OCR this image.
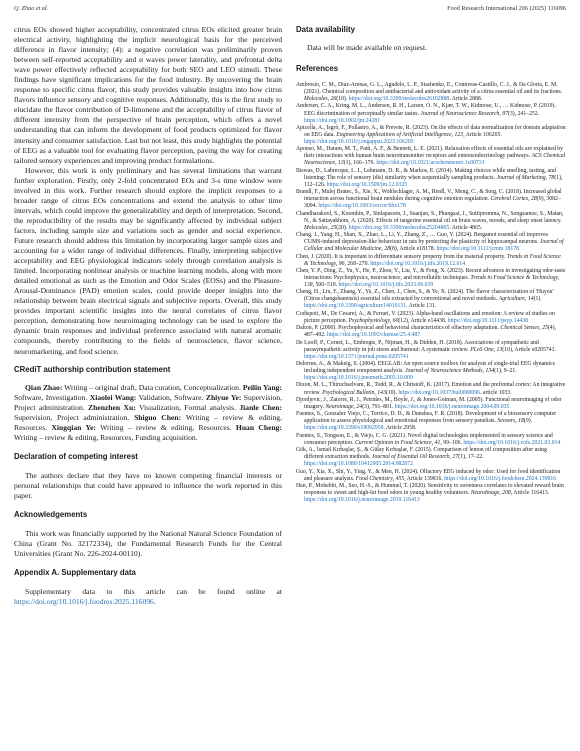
Q. Zhao et al.	Food Research International 206 (2025) 116096

citrus EOs showed higher acceptability, concentrated citrus EOs elicited greater brain electrical activity, highlighting the implicit neurological basis for the perceived difference in flavor intensity; (4): a negative correlation was preliminarily proven between self-reported acceptability and α waves power laterality, and prefrontal delta wave power effectively reflected acceptability for both SEO and LEO stimuli. These findings have significant implications for the food industry. By uncovering the brain response to specific citrus flavor, this study provides valuable insights into how citrus flavors influence sensory and cognitive responses. Additionally, this is the first study to elucidate the flavor contribution of D-limonene and the acceptability of citrus flavor of different intensity from the perspective of brain perception, which offers a novel understanding that can inform the development of food products optimized for flavor intensity and consumer satisfaction. Last but not least, this study highlights the potential of EEG as a valuable tool for evaluating flavor perception, paving the way for creating tailored sensory experiences and improving product formulations.

However, this work is only preliminary and has several limitations that warrant further exploration. Firstly, only 2-fold concentrated EOs and 3-s time window were involved in this work. Further research should explore the implicit responses to a broader range of citrus EOs concentrations and extend the analysis to other time intervals, which could improve the generalizability and depth of interpretation. Second, the reproducibility of the results may be significantly affected by individual subject factors, including sample size and variations such as gender and social experience. Future research should address this limitation by incorporating larger sample sizes and accounting for a wider range of individual differences. Finally, interpreting subjective acceptability and EEG physiological indicators solely through correlation analysis is limited. Incorporating nonlinear analysis or machine learning models, along with more detailed emotional as such as the Emotion and Odor Scales (EOSs) and the Pleasure-Arousal-Dominance (PAD) emotion scales, could provide deeper insights into the relationship between brain electrical signals and subjective reports. Overall, this study provides important scientific insights into the neural correlates of citrus flavor perception, demonstrating how neuroimaging technology can be used to explore the dynamic brain responses and individual preference associated with natural aromatic compounds, thereby contributing to the fields of neuroscience, flavor science, neuromarketing, and food science.

CRediT authorship contribution statement

Qian Zhao: Writing – original draft, Data curation, Conceptualization. Peilin Yang: Software, Investigation. Xiaolei Wang: Validation, Software. Zhiyue Ye: Supervision, Project administration. Zhenzhen Xu: Visualization, Formal analysis. Jianle Chen: Supervision, Project administration. Shiguo Chen: Writing – review & editing, Resources. Xingqian Ye: Writing – review & editing, Resources. Huan Cheng: Writing – review & editing, Resources, Funding acquisition.

Declaration of competing interest

The authors declare that they have no known competing financial interests or personal relationships that could have appeared to influence the work reported in this paper.

Acknowledgements

This work was financially supported by the National Natural Science Foundation of China (Grant No. 32172334), the Fundamental Research Funds for the Central Universities (Grant No. 226-2024-00110).

Appendix A. Supplementary data

Supplementary data to this article can be found online at https://doi.org/10.1016/j.foodres.2025.116096.

Data availability

Data will be made available on request.

References
Ambrosio, C. M., Diaz-Arenas, G. L., Agudelo, L. P., Stashenko, E., Contreras-Castillo, C. J., & Da Gloria, E. M. (2021). Chemical composition and antibacterial and antioxidant activity of a citrus essential oil and its fractions. Molecules, 26(10). https://doi.org/10.3390/molecules26102888. Article 2888.
Andersen, C. A., Kring, M. L., Andersen, R. H., Larsen, O. N., Kjær, T. W., Kidmose, U., … Kidmose, P. (2019). EEG discrimination of perceptually similar tastes. Journal of Neuroscience Research, 97(3), 241–252. https://doi.org/10.1002/jnr.24281
Apicella, A., Isgrò, F., Pollastro, A., & Prevete, R. (2023). On the effects of data normalization for domain adaptation on EEG data. Engineering Applications of Artificial Intelligence, 123, Article 106205. https://doi.org/10.1016/j.engappai.2023.106205
Aponso, M., Haram, M. T., Patti, A. F., & Bennett, L. E. (2021). Relaxation effects of essential oils are explained by their interactions with human brain neurotransmitter receptors and enteroendocrinology pathways. ACS Chemical Neuroscience, 13(1), 166–176. https://doi.org/10.1021/acschemneuro.1c00731
Biswas, D., Labrecque, L. I., Lehmann, D. R., & Markos, E. (2014). Making choices while smelling, tasting, and listening: The role of sensory (dis) similarity when sequentially sampling products. Journal of Marketing, 78(1), 112–126. https://doi.org/10.1509/jm.12.0325
Brandl, F., Mulej Bratec, S., Xie, X., Wohlschlager, A. M., Riedl, V., Meng, C., & Sorg, C. (2018). Increased global interaction across functional brain modules during cognitive emotion regulation. Cerebral Cortex, 28(9), 3082–3094. https://doi.org/10.1093/cercor/bhx178
Chandharakool, S., Koomhin, P., Sinlapasorn, J., Suanjan, S., Phungsai, J., Suttipromma, N., Songsamoe, S., Matan, N., & Sattayakhom, A. (2020). Effects of tangerine essential oil on brain waves, moods, and sleep onset latency. Molecules, 25(20). https://doi.org/10.3390/molecules25204865. Article 4865.
Chang, J., Yang, H., Shan, X., Zhao, L., Li, Y., Zhang, Z., … Guo, Y. (2024). Bergamot essential oil improves CUMS-induced depression-like behaviour in rats by protecting the plasticity of hippocampal neurons. Journal of Cellular and Molecular Medicine, 28(8), Article e18178. https://doi.org/10.1111/jcmm.18178
Chen, J. (2020). It is important to differentiate sensory property from the material property. Trends in Food Science & Technology, 96, 268–270. https://doi.org/10.1016/j.tifs.2019.12.014
Chen, Y. P., Ding, Z., Yu, Y., He, P., Zhou, Y., Liu, Y., & Feng, X. (2023). Recent advances in investigating odor-taste interactions: Psychophysics, neuroscience, and microfluidic techniques. Trends in Food Science & Technology, 138, 500–510. https://doi.org/10.1016/j.tifs.2023.06.039
Cheng, H., Liu, F., Zhang, Y., Ye, Z., Chen, J., Chen, S., & Ye, X. (2024). The flavor characterization of 'Huyou' (Citrus changshanensis) essential oils extracted by conventional and novel methods. Agriculture, 14(1). https://doi.org/10.3390/agriculture14010131. Article 131.
Codispoti, M., De Cesarei, A., & Ferrari, V. (2023). Alpha-band oscillations and emotion: A review of studies on picture perception. Psychophysiology, 60(12), Article e14438. https://doi.org/10.1111/psyp.14438
Dalton, P. (2000). Psychophysical and behavioral characteristics of olfactory adaptation. Chemical Senses, 25(4), 487–492. https://doi.org/10.1093/chemse/25.4.487
De Looff, P., Cornet, L., Embregts, P., Nijman, H., & Didden, H. (2018). Associations of sympathetic and parasympathetic activity in job stress and burnout: A systematic review. PLoS One, 13(10), Article e0205741. https://doi.org/10.1371/journal.pone.0205741
Delorme, A., & Makeig, S. (2004). EEGLAB: An open source toolbox for analysis of single-trial EEG dynamics including independent component analysis. Journal of Neuroscience Methods, 134(1), 9–21. https://doi.org/10.1016/j.jneumeth.2003.10.009
Dixon, M. L., Thiruchselvam, R., Todd, R., & Christoff, K. (2017). Emotion and the prefrontal cortex: An integrative review. Psychological Bulletin, 143(10). https://doi.org/10.1037/bul0000096. article 1033.
Djordjevic, J., Zatorre, R. J., Petrides, M., Boyle, J., & Jones-Gotman, M. (2005). Functional neuroimaging of odor imagery. Neuroimage, 24(3), 791–801. https://doi.org/10.1016/j.neuroimage.2004.09.035
Fuentes, S., Gonzalez Viejo, C., Torrico, D. D., & Dunshea, F. R. (2018). Development of a biosensory computer application to assess physiological and emotional responses from sensory panelists. Sensors, 18(9). https://doi.org/10.3390/s18092958. Article 2958.
Fuentes, S., Tongson, E., & Viejo, C. G. (2021). Novel digital technologies implemented in sensory science and consumer perception. Current Opinion in Food Science, 41, 99–106. https://doi.org/10.1016/j.cofs.2021.03.014
Gök, A., İsmail Kırbaşlar, Ş., & Gülay Kırbaşlar, F. (2015). Comparison of lemon oil composition after using different extraction methods. Journal of Essential Oil Research, 27(1), 17–22. https://doi.org/10.1080/10412905.2014.982872
Guo, Y., Xia, X., Shi, Y., Ying, Y., & Men, H. (2024). Olfactory EEG induced by odor: Used for food identification and pleasure analysis. Food Chemistry, 455, Article 139816. https://doi.org/10.1016/j.foodchem.2024.139816
Han, P., Mohebbi, M., Seo, H.-S., & Hummel, T. (2020). Sensitivity to sweetness correlates to elevated reward brain responses to sweet and high-fat food odors in young healthy volunteers. NeuroImage, 208, Article 116413. https://doi.org/10.1016/j.neuroimage.2019.116413
